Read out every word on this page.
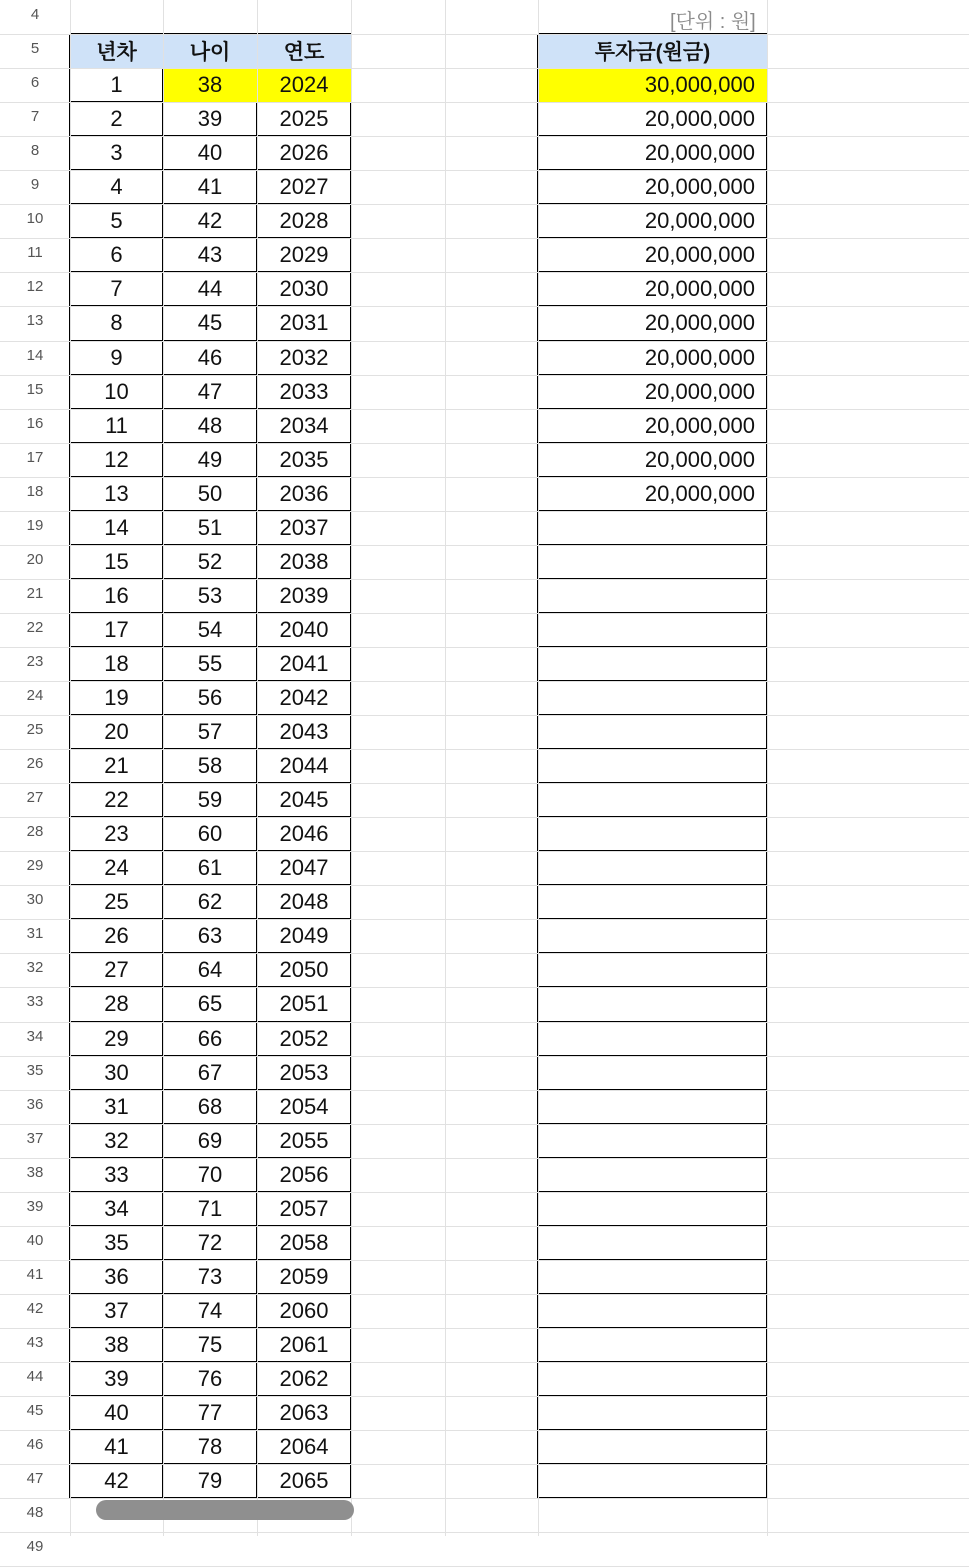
20,000,000
20,000,000
20,000,000
20,000,000
20,000,000
20,000,000
20,000,000
20,000,000
20,000,000
20,000,000
20,000,000
20,000,000
30,000,000
투자금(원금)
2065
79
42
2064
78
41
2063
77
40
2062
76
39
2061
75
38
2060
74
37
2059
73
36
2058
72
35
2057
71
34
2056
70
33
2055
69
32
2054
68
31
2053
67
30
2052
66
29
2051
65
28
2050
64
27
2049
63
26
2048
62
25
2047
61
24
2046
60
23
2045
59
22
2044
58
21
2043
57
20
2042
56
19
2041
55
18
2040
54
17
2039
53
16
2038
52
15
2037
51
14
2036
50
13
2035
49
12
2034
48
11
2033
47
10
2032
46
9
2031
45
8
2030
44
7
2029
43
6
2028
42
5
2027
41
4
2026
40
3
2025
39
2
2024
38
1
연도
나이
년차
49
48
47
46
45
44
43
42
41
40
39
38
37
36
35
34
33
32
31
30
29
28
27
26
25
24
23
22
21
20
19
18
17
16
15
14
13
12
11
10
9
8
7
6
5
4	[단위 : 원]
